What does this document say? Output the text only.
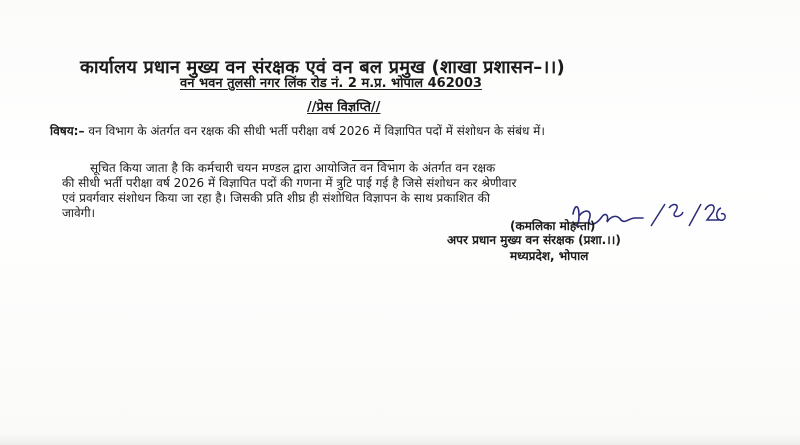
कार्यालय प्रधान मुख्य वन संरक्षक एवं वन बल प्रमुख (शाखा प्रशासन–।।)
वन भवन तुलसी नगर लिंक रोड नं. 2 म.प्र. भोपाल 462003
//प्रेस विज्ञप्ति//
विषय:– वन विभाग के अंतर्गत वन रक्षक की सीधी भर्ती परीक्षा वर्ष 2026 में विज्ञापित पदों में संशोधन के संबंध में।
सूचित किया जाता है कि कर्मचारी चयन मण्डल द्वारा आयोजित वन विभाग के अंतर्गत वन रक्षक
की सीधी भर्ती परीक्षा वर्ष 2026 में विज्ञापित पदों की गणना में त्रुटि पाई गई है जिसे संशोधन कर श्रेणीवार
एवं प्रवर्गवार संशोधन किया जा रहा है। जिसकी प्रति शीघ्र ही संशोधित विज्ञापन के साथ प्रकाशित की
जावेगी।
(कमलिका मोहन्ता)
अपर प्रधान मुख्य वन संरक्षक (प्रशा.।।)
मध्यप्रदेश, भोपाल
